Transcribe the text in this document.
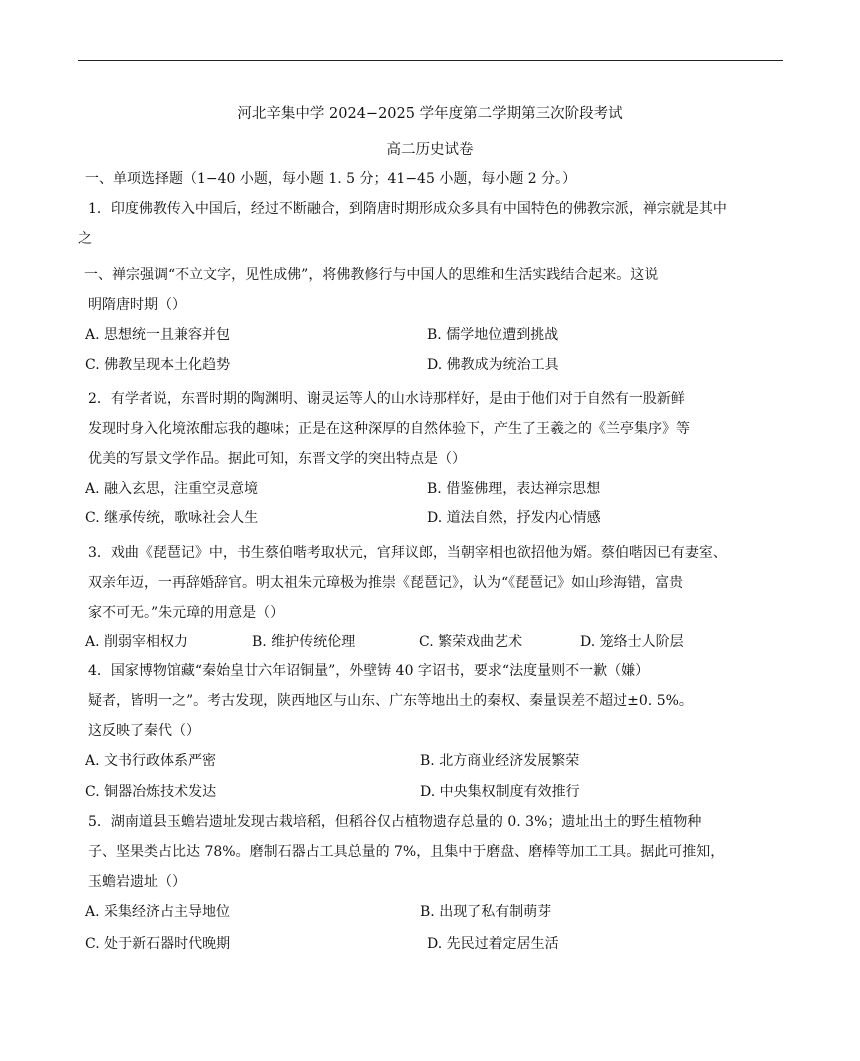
河北辛集中学 2024−2025 学年度第二学期第三次阶段考试
高二历史试卷
一、单项选择题（1−40 小题，每小题 1. 5 分；41−45 小题，每小题 2 分。）
1．印度佛教传入中国后，经过不断融合，到隋唐时期形成众多具有中国特色的佛教宗派，禅宗就是其中
之
一、禅宗强调“不立文字，见性成佛”，将佛教修行与中国人的思维和生活实践结合起来。这说
明隋唐时期（）
A. 思想统一且兼容并包	B. 儒学地位遭到挑战
C. 佛教呈现本土化趋势	D. 佛教成为统治工具
2．有学者说，东晋时期的陶渊明、谢灵运等人的山水诗那样好，是由于他们对于自然有一股新鲜
发现时身入化境浓酣忘我的趣味；正是在这种深厚的自然体验下，产生了王羲之的《兰亭集序》等
优美的写景文学作品。据此可知，东晋文学的突出特点是（）
A. 融入玄思，注重空灵意境	B. 借鉴佛理，表达禅宗思想
C. 继承传统，歌咏社会人生	D. 道法自然，抒发内心情感
3．戏曲《琵琶记》中，书生蔡伯喈考取状元，官拜议郎，当朝宰相也欲招他为婿。蔡伯喈因已有妻室、
双亲年迈，一再辞婚辞官。明太祖朱元璋极为推崇《琵琶记》，认为“《琵琶记》如山珍海错，富贵
家不可无。”朱元璋的用意是（）
A. 削弱宰相权力	B. 维护传统伦理	C. 繁荣戏曲艺术	D. 笼络士人阶层
4．国家博物馆藏“秦始皇廿六年诏铜量”，外壁铸 40 字诏书，要求“法度量则不一歉（嫌）
疑者，皆明一之”。考古发现，陕西地区与山东、广东等地出土的秦权、秦量误差不超过±0. 5%。
这反映了秦代（）
A. 文书行政体系严密	B. 北方商业经济发展繁荣
C. 铜器冶炼技术发达	D. 中央集权制度有效推行
5．湖南道县玉蟾岩遗址发现古栽培稻，但稻谷仅占植物遗存总量的 0. 3%；遗址出土的野生植物种
子、坚果类占比达 78%。磨制石器占工具总量的 7%，且集中于磨盘、磨棒等加工工具。据此可推知，
玉蟾岩遗址（）
A. 采集经济占主导地位	B. 出现了私有制萌芽
C. 处于新石器时代晚期	D. 先民过着定居生活
